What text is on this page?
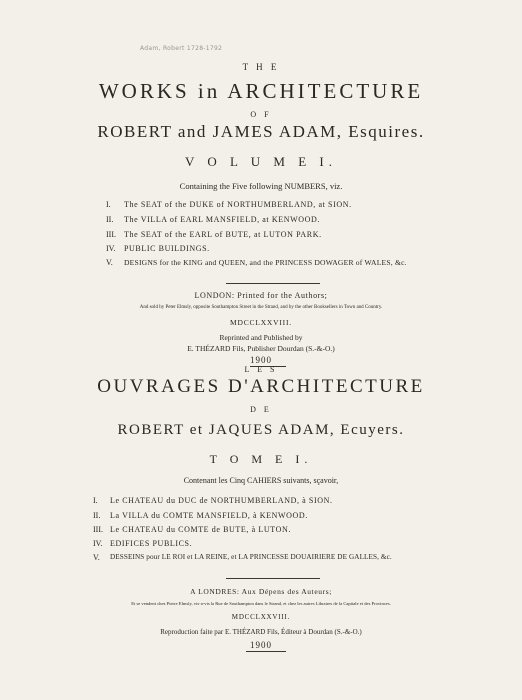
Adam, Robert 1728-1792
T H E
WORKS in ARCHITECTURE
O F
ROBERT and JAMES ADAM, Esquires.
V O L U M E I.
Containing the Five following NUMBERS, viz.
I. The SEAT of the DUKE of NORTHUMBERLAND, at SION.
II. The VILLA of EARL MANSFIELD, at KENWOOD.
III. The SEAT of the EARL of BUTE, at LUTON PARK.
IV. PUBLIC BUILDINGS.
V. DESIGNS for the KING and QUEEN, and the PRINCESS DOWAGER of WALES, &c.
LONDON: Printed for the Authors;
And sold by Peter Elmsly, opposite Southampton Street in the Strand, and by the other Booksellers in Town and Country.
MDCCLXXVIII.
Reprinted and Published by
E. THÉZARD Fils, Publisher Dourdan (S.-&-O.)
1900
L E S
OUVRAGES D'ARCHITECTURE
D E
ROBERT et JAQUES ADAM, Ecuyers.
T O M E I.
Contenant les Cinq CAHIERS suivants, sçavoir,
I. Le CHATEAU du DUC de NORTHUMBERLAND, à SION.
II. La VILLA du COMTE MANSFIELD, à KENWOOD.
III. Le CHATEAU du COMTE de BUTE, à LUTON.
IV. EDIFICES PUBLICS.
V. DESSEINS pour LE ROI et LA REINE, et LA PRINCESSE DOUAIRIERE DE GALLES, &c.
A LONDRES: Aux Dépens des Auteurs;
Et se vendent chez Pierre Elmsly, vis-a-vis la Rue de Southampton dans le Strand, et chez les autres Libraires de la Capitale et des Provinces.
MDCCLXXVIII.
Reproduction faite par E. THÉZARD Fils, Éditeur à Dourdan (S.-&-O.)
1900
